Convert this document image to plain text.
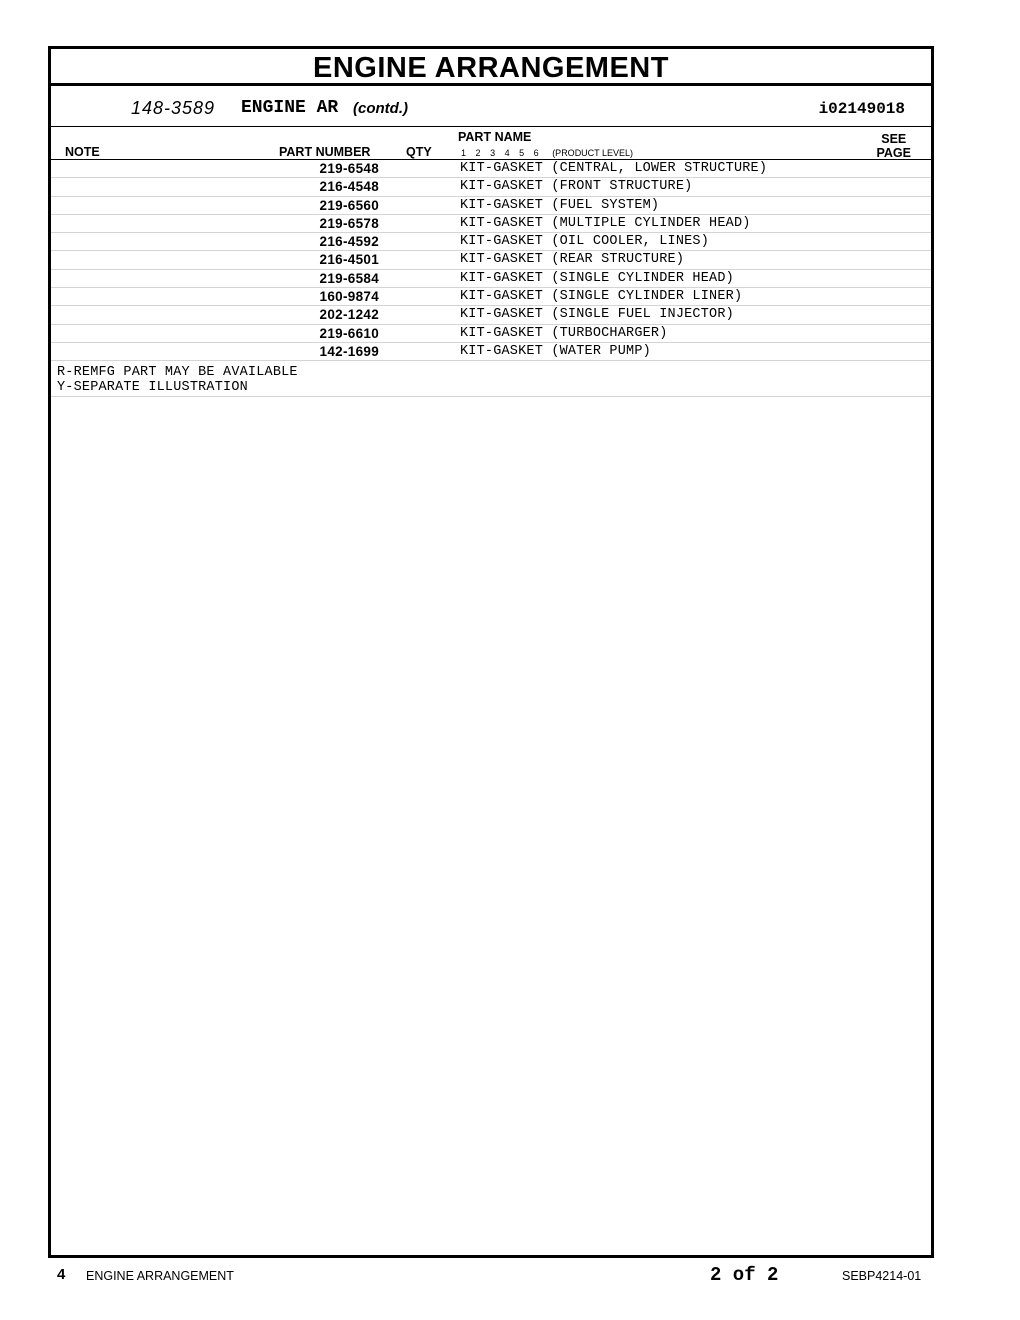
ENGINE ARRANGEMENT
148-3589 ENGINE AR (contd.)	i02149018
NOTE	PART NUMBER	QTY
PART NAME
1 2 3 4 5 6 (PRODUCT LEVEL)
SEE
PAGE
219-6548	KIT-GASKET (CENTRAL, LOWER STRUCTURE)
216-4548	KIT-GASKET (FRONT STRUCTURE)
219-6560	KIT-GASKET (FUEL SYSTEM)
219-6578	KIT-GASKET (MULTIPLE CYLINDER HEAD)
216-4592	KIT-GASKET (OIL COOLER, LINES)
216-4501	KIT-GASKET (REAR STRUCTURE)
219-6584	KIT-GASKET (SINGLE CYLINDER HEAD)
160-9874	KIT-GASKET (SINGLE CYLINDER LINER)
202-1242	KIT-GASKET (SINGLE FUEL INJECTOR)
219-6610	KIT-GASKET (TURBOCHARGER)
142-1699	KIT-GASKET (WATER PUMP)
R-REMFG PART MAY BE AVAILABLE
Y-SEPARATE ILLUSTRATION
4 ENGINE ARRANGEMENT	2 of 2	SEBP4214-01
